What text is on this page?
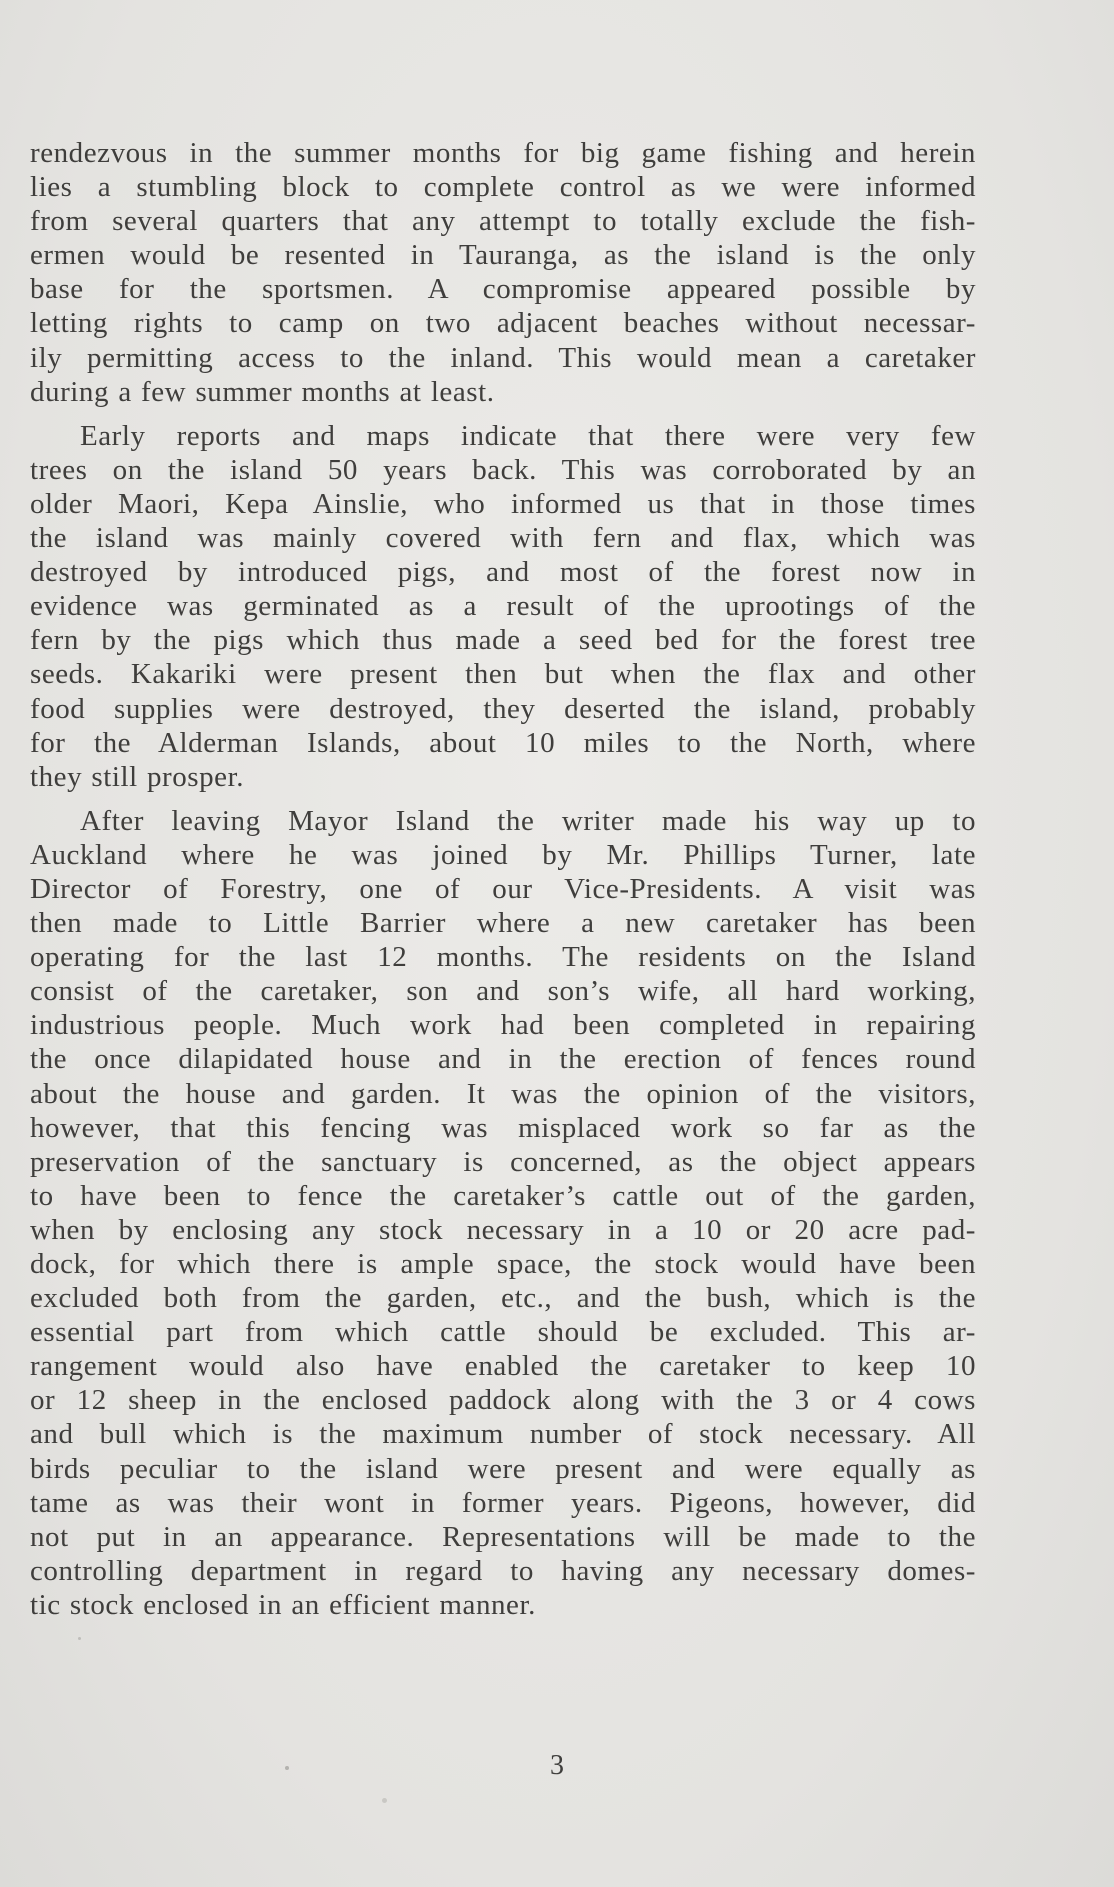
rendezvous in the summer months for big game fishing and herein
lies a stumbling block to complete control as we were informed
from several quarters that any attempt to totally exclude the fish-
ermen would be resented in Tauranga, as the island is the only
base for the sportsmen. A compromise appeared possible by
letting rights to camp on two adjacent beaches without necessar-
ily permitting access to the inland. This would mean a caretaker
during a few summer months at least.
Early reports and maps indicate that there were very few
trees on the island 50 years back. This was corroborated by an
older Maori, Kepa Ainslie, who informed us that in those times
the island was mainly covered with fern and flax, which was
destroyed by introduced pigs, and most of the forest now in
evidence was germinated as a result of the uprootings of the
fern by the pigs which thus made a seed bed for the forest tree
seeds. Kakariki were present then but when the flax and other
food supplies were destroyed, they deserted the island, probably
for the Alderman Islands, about 10 miles to the North, where
they still prosper.
After leaving Mayor Island the writer made his way up to
Auckland where he was joined by Mr. Phillips Turner, late
Director of Forestry, one of our Vice-Presidents. A visit was
then made to Little Barrier where a new caretaker has been
operating for the last 12 months. The residents on the Island
consist of the caretaker, son and son’s wife, all hard working,
industrious people. Much work had been completed in repairing
the once dilapidated house and in the erection of fences round
about the house and garden. It was the opinion of the visitors,
however, that this fencing was misplaced work so far as the
preservation of the sanctuary is concerned, as the object appears
to have been to fence the caretaker’s cattle out of the garden,
when by enclosing any stock necessary in a 10 or 20 acre pad-
dock, for which there is ample space, the stock would have been
excluded both from the garden, etc., and the bush, which is the
essential part from which cattle should be excluded. This ar-
rangement would also have enabled the caretaker to keep 10
or 12 sheep in the enclosed paddock along with the 3 or 4 cows
and bull which is the maximum number of stock necessary. All
birds peculiar to the island were present and were equally as
tame as was their wont in former years. Pigeons, however, did
not put in an appearance. Representations will be made to the
controlling department in regard to having any necessary domes-
tic stock enclosed in an efficient manner.
3
